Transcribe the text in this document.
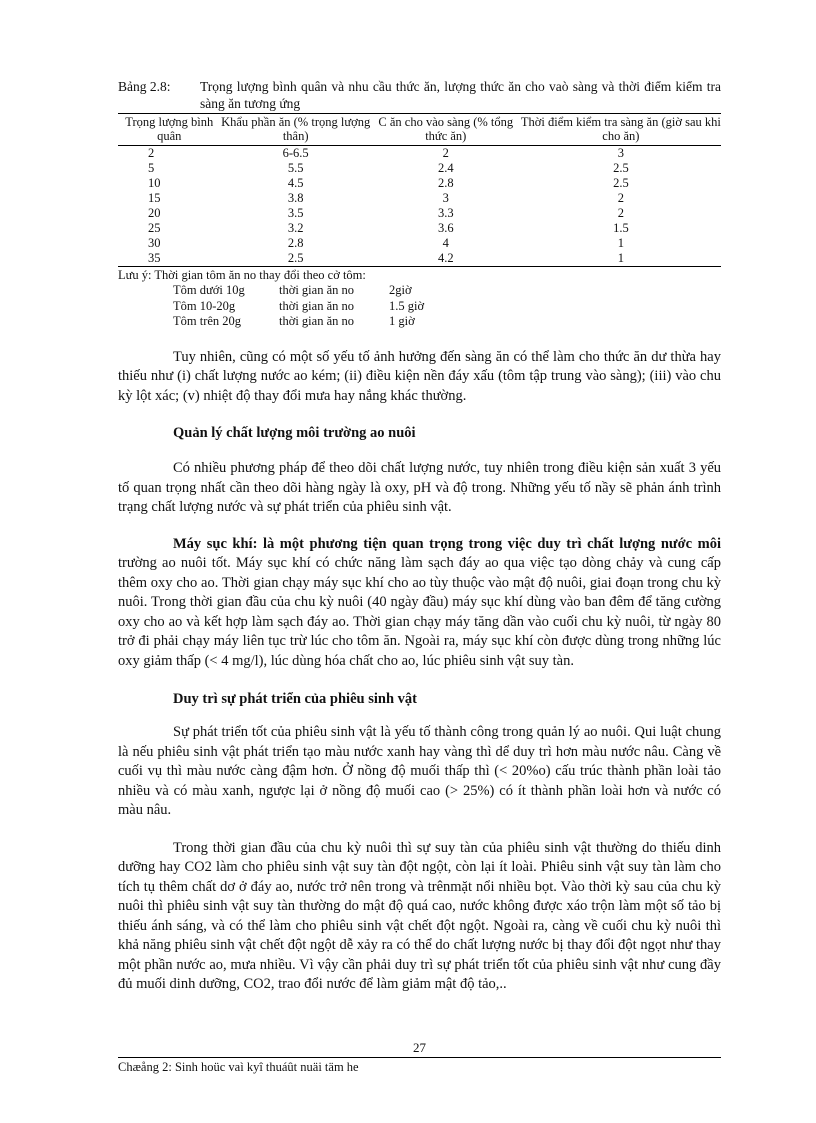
Bảng 2.8:	Trọng lượng bình quân và nhu cầu thức ăn, lượng thức ăn cho vaò sàng và thời điểm kiểm tra sàng ăn tương ứng
Trọng lượng bình quân	Khẩu phần ăn (% trọng lượng thân)	C ăn cho vào sàng (% tổng thức ăn)	Thời điểm kiểm tra sàng ăn (giờ sau khi cho ăn)
2	6-6.5	2	3
5	5.5	2.4	2.5
10	4.5	2.8	2.5
15	3.8	3	2
20	3.5	3.3	2
25	3.2	3.6	1.5
30	2.8	4	1
35	2.5	4.2	1
Lưu ý: Thời gian tôm ăn no thay đổi theo cở tôm:
Tôm dưới 10g	thời gian ăn no	2giờ
Tôm 10-20g	thời gian ăn no	1.5 giờ
Tôm trên 20g	thời gian ăn no	1 giờ

Tuy nhiên, cũng có một số yếu tố ảnh hưởng đến sàng ăn có thể làm cho thức ăn dư thừa hay thiếu như (i) chất lượng nước ao kém; (ii) điều kiện nền đáy xấu (tôm tập trung vào sàng); (iii) vào chu kỳ lột xác; (v) nhiệt độ thay đổi mưa hay nắng khác thường.

Quản lý chất lượng môi trường ao nuôi

Có nhiều phương pháp để theo dõi chất lượng nước, tuy nhiên trong điều kiện sản xuất 3 yếu tố quan trọng nhất cần theo dõi hàng ngày là oxy, pH và độ trong. Những yếu tố nầy sẽ phản ánh trình trạng chất lượng nước và sự phát triển của phiêu sinh vật.

Máy sục khí: là một phương tiện quan trọng trong việc duy trì chất lượng nước môi trường ao nuôi tốt. Máy sục khí có chức năng làm sạch đáy ao qua việc tạo dòng chảy và cung cấp thêm oxy cho ao. Thời gian chạy máy sục khí cho ao tùy thuộc vào mật độ nuôi, giai đoạn trong chu kỳ nuôi. Trong thời gian đầu của chu kỳ nuôi (40 ngày đầu) máy sục khí dùng vào ban đêm để tăng cường oxy cho ao và kết hợp làm sạch đáy ao. Thời gian chạy máy tăng dần vào cuối chu kỳ nuôi, từ ngày 80 trở đi phải chạy máy liên tục trừ lúc cho tôm ăn. Ngoài ra, máy sục khí còn được dùng trong những lúc oxy giảm thấp (< 4 mg/l), lúc dùng hóa chất cho ao, lúc phiêu sinh vật suy tàn.

Duy trì sự phát triển của phiêu sinh vật

Sự phát triển tốt của phiêu sinh vật là yếu tố thành công trong quản lý ao nuôi. Qui luật chung là nếu phiêu sinh vật phát triển tạo màu nước xanh hay vàng thì dể duy trì hơn màu nước nâu. Càng về cuối vụ thì màu nước càng đậm hơn. Ở nồng độ muối thấp thì (< 20%o) cấu trúc thành phần loài tảo nhiều và có màu xanh, ngược lại ở nồng độ muối cao (> 25%) có ít thành phần loài hơn và nước có màu nâu.

Trong thời gian đầu của chu kỳ nuôi thì sự suy tàn của phiêu sinh vật thường do thiếu dinh dưỡng hay CO2 làm cho phiêu sinh vật suy tàn đột ngột, còn lại ít loài. Phiêu sinh vật suy tàn làm cho tích tụ thêm chất dơ ở đáy ao, nước trở nên trong và trênmặt nổi nhiều bọt. Vào thời kỳ sau của chu kỳ nuôi thì phiêu sinh vật suy tàn thường do mật độ quá cao, nước không được xáo trộn làm một số tảo bị thiếu ánh sáng, và có thể làm cho phiêu sinh vật chết đột ngột. Ngoài ra, càng về cuối chu kỳ nuôi thì khả năng phiêu sinh vật chết đột ngột dễ xảy ra có thể do chất lượng nước bị thay đổi đột ngọt như thay một phần nước ao, mưa nhiều. Vì vậy cần phải duy trì sự phát triển tốt của phiêu sinh vật như cung đầy đủ muối dinh dưỡng, CO2, trao đổi nước để làm giảm mật độ tảo,..

27
Chæång 2: Sinh hoüc vaì kyî thuáût nuäi täm he
